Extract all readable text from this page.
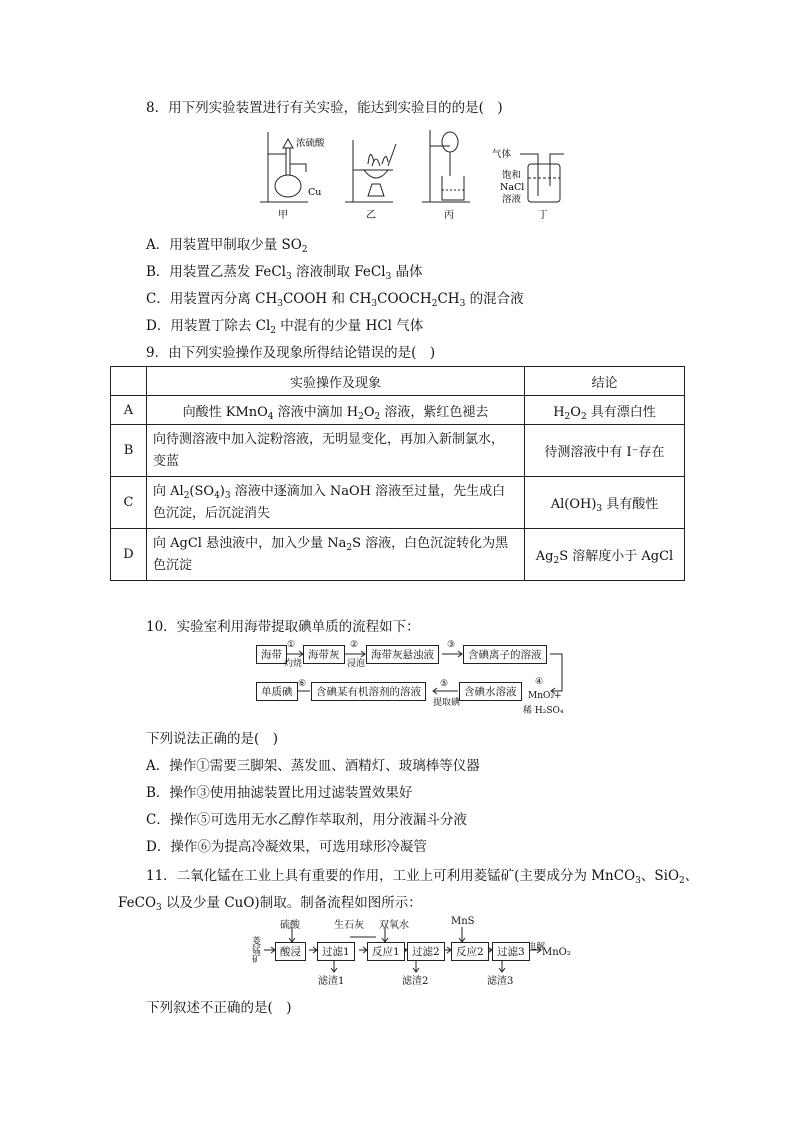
8．用下列实验装置进行有关实验，能达到实验目的的是(　)
浓硫酸
Cu
甲	乙	丙
气体
饱和
NaCl
溶液
丁
A．用装置甲制取少量 $SO_2$
B．用装置乙蒸发 FeCl$_3$ 溶液制取 FeCl$_3$ 晶体
C．用装置丙分离 $CH_3COOH$ 和 $CH_3COOCH_2CH_3$ 的混合液
D．用装置丁除去 $Cl_2$ 中混有的少量 HCl 气体
9．由下列实验操作及现象所得结论错误的是(　)
	实验操作及现象	结论
A	向酸性 KMnO$_4$ 溶液中滴加 $H_2O_2$ 溶液，紫红色褪去	$H_2O_2$ 具有漂白性
B	向待测溶液中加入淀粉溶液，无明显变化，再加入新制氯水，
变蓝	待测溶液中有 I⁻存在
C	向 $Al_2(SO_4)_3$ 溶液中逐滴加入 NaOH 溶液至过量，先生成白
色沉淀，后沉淀消失	$Al(OH)_3$ 具有酸性
D	向 AgCl 悬浊液中，加入少量 $Na_2S$ 溶液，白色沉淀转化为黑
色沉淀	$Ag_2S$ 溶解度小于 AgCl
10．实验室利用海带提取碘单质的流程如下：
海带	海带灰	海带灰悬浊液	含碘离子的溶液
单质碘	含碘某有机溶剂的溶液	含碘水溶液
①
灼烧
②
浸泡
③
④
MnO₂+
稀 H₂SO₄
⑤
提取碘
⑥
下列说法正确的是(　)
A．操作①需要三脚架、蒸发皿、酒精灯、玻璃棒等仪器
B．操作③使用抽滤装置比用过滤装置效果好
C．操作⑤可选用无水乙醇作萃取剂，用分液漏斗分液
D．操作⑥为提高冷凝效果，可选用球形冷凝管
11．二氧化锰在工业上具有重要的作用，工业上可利用菱锰矿(主要成分为 MnCO$_3$、SiO$_2$、
FeCO$_3$ 以及少量 CuO)制取。制备流程如图所示：
菱锰矿
酸浸	过滤1	反应1	过滤2	反应2	过滤3
硫酸	生石灰 双氧水	MnS
电解
MnO₂
滤渣1	滤渣2	滤渣3
下列叙述不正确的是(　)
